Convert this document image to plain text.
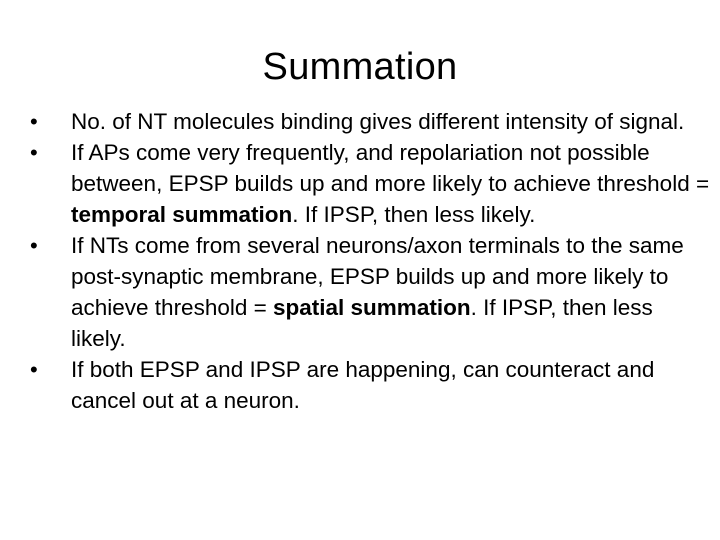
Summation
•	No. of NT molecules binding gives different intensity of signal.
•	If APs come very frequently, and repolariation not possible between, EPSP builds up and more likely to achieve threshold = temporal summation. If IPSP, then less likely.
•	If NTs come from several neurons/axon terminals to the same post-synaptic membrane, EPSP builds up and more likely to achieve threshold = spatial summation. If IPSP, then less likely.
•	If both EPSP and IPSP are happening, can counteract and cancel out at a neuron.
